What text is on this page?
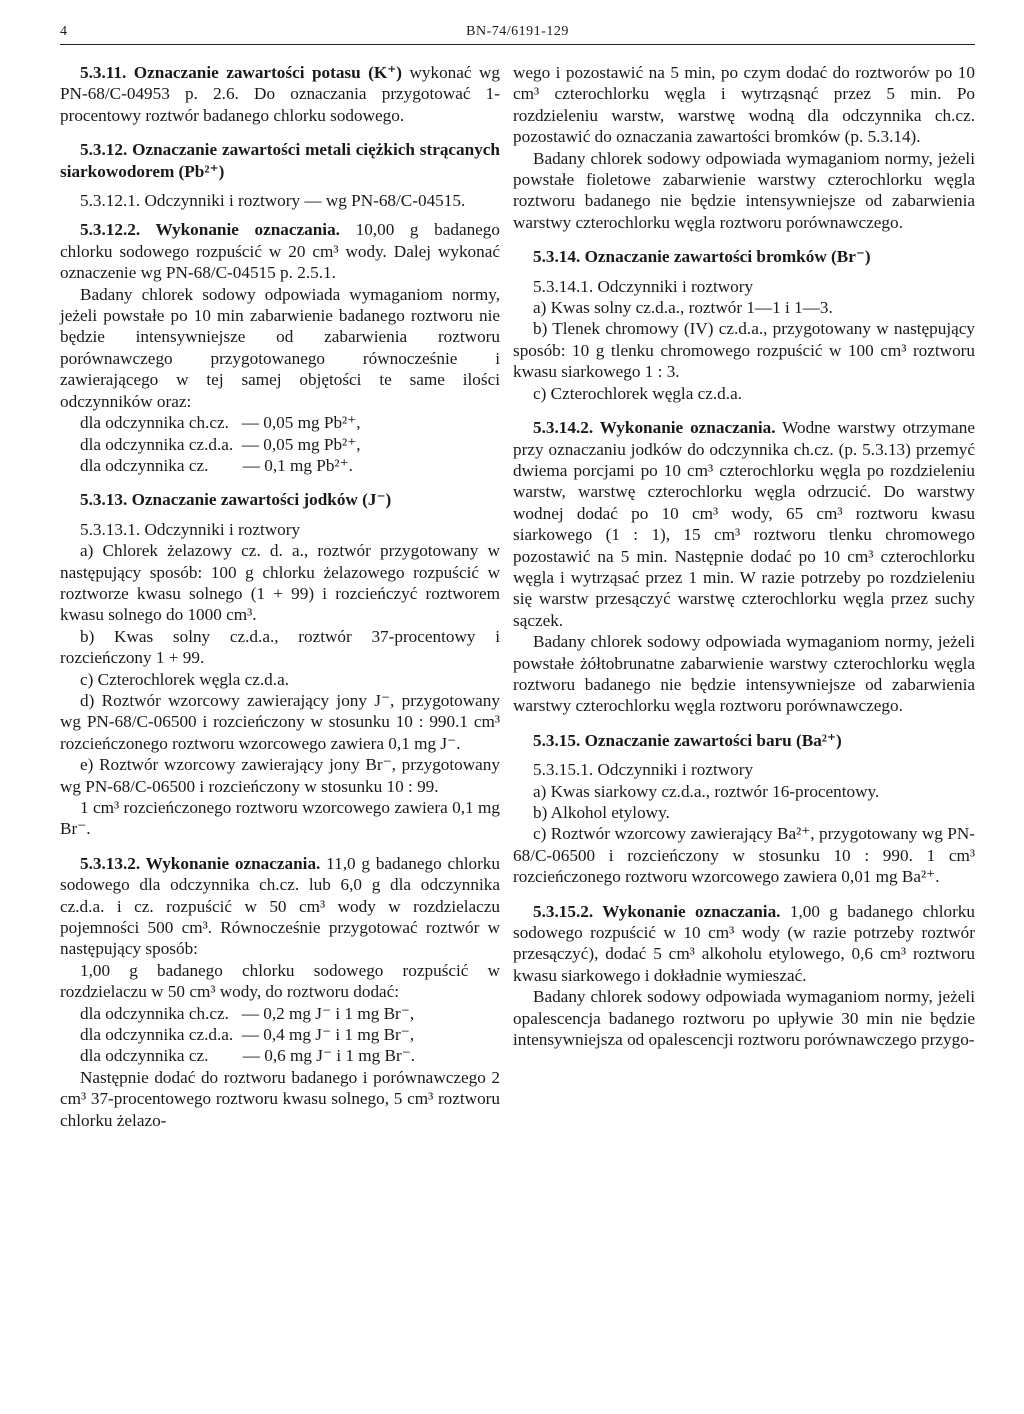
4	BN-74/6191-129

5.3.11. Oznaczanie zawartości potasu (K⁺) wykonać wg PN-68/C-04953 p. 2.6. Do oznaczania przygotować 1-procentowy roztwór badanego chlorku sodowego.

5.3.12. Oznaczanie zawartości metali ciężkich strącanych siarkowodorem (Pb²⁺)

5.3.12.1. Odczynniki i roztwory — wg PN-68/C-04515.

5.3.12.2. Wykonanie oznaczania. 10,00 g badanego chlorku sodowego rozpuścić w 20 cm³ wody. Dalej wykonać oznaczenie wg PN-68/C-04515 p. 2.5.1.

Badany chlorek sodowy odpowiada wymaganiom normy, jeżeli powstałe po 10 min zabarwienie badanego roztworu nie będzie intensywniejsze od zabarwienia roztworu porównawczego przygotowanego równocześnie i zawierającego w tej samej objętości te same ilości odczynników oraz:

dla odczynnika ch.cz.   — 0,05 mg Pb²⁺,

dla odczynnika cz.d.a.  — 0,05 mg Pb²⁺,

dla odczynnika cz.        — 0,1 mg Pb²⁺.

5.3.13. Oznaczanie zawartości jodków (J⁻)

5.3.13.1. Odczynniki i roztwory

a) Chlorek żelazowy cz. d. a., roztwór przygotowany w następujący sposób: 100 g chlorku żelazowego rozpuścić w roztworze kwasu solnego (1 + 99) i rozcieńczyć roztworem kwasu solnego do 1000 cm³.

b) Kwas solny cz.d.a., roztwór 37-procentowy i rozcieńczony 1 + 99.

c) Czterochlorek węgla cz.d.a.

d) Roztwór wzorcowy zawierający jony J⁻, przygotowany wg PN-68/C-06500 i rozcieńczony w stosunku 10 : 990.1 cm³ rozcieńczonego roztworu wzorcowego zawiera 0,1 mg J⁻.

e) Roztwór wzorcowy zawierający jony Br⁻, przygotowany wg PN-68/C-06500 i rozcieńczony w stosunku 10 : 99.

1 cm³ rozcieńczonego roztworu wzorcowego zawiera 0,1 mg Br⁻.

5.3.13.2. Wykonanie oznaczania. 11,0 g badanego chlorku sodowego dla odczynnika ch.cz. lub 6,0 g dla odczynnika cz.d.a. i cz. rozpuścić w 50 cm³ wody w rozdzielaczu pojemności 500 cm³. Równocześnie przygotować roztwór w następujący sposób:

1,00 g badanego chlorku sodowego rozpuścić w rozdzielaczu w 50 cm³ wody, do roztworu dodać:

dla odczynnika ch.cz.   — 0,2 mg J⁻ i 1 mg Br⁻,

dla odczynnika cz.d.a.  — 0,4 mg J⁻ i 1 mg Br⁻,

dla odczynnika cz.        — 0,6 mg J⁻ i 1 mg Br⁻.

Następnie dodać do roztworu badanego i porównawczego 2 cm³ 37-procentowego roztworu kwasu solnego, 5 cm³ roztworu chlorku żelazo-

wego i pozostawić na 5 min, po czym dodać do roztworów po 10 cm³ czterochlorku węgla i wytrząsnąć przez 5 min. Po rozdzieleniu warstw, warstwę wodną dla odczynnika ch.cz. pozostawić do oznaczania zawartości bromków (p. 5.3.14).

Badany chlorek sodowy odpowiada wymaganiom normy, jeżeli powstałe fioletowe zabarwienie warstwy czterochlorku węgla roztworu badanego nie będzie intensywniejsze od zabarwienia warstwy czterochlorku węgla roztworu porównawczego.

5.3.14. Oznaczanie zawartości bromków (Br⁻)

5.3.14.1. Odczynniki i roztwory

a) Kwas solny cz.d.a., roztwór 1—1 i 1—3.

b) Tlenek chromowy (IV) cz.d.a., przygotowany w następujący sposób: 10 g tlenku chromowego rozpuścić w 100 cm³ roztworu kwasu siarkowego 1 : 3.

c) Czterochlorek węgla cz.d.a.

5.3.14.2. Wykonanie oznaczania. Wodne warstwy otrzymane przy oznaczaniu jodków do odczynnika ch.cz. (p. 5.3.13) przemyć dwiema porcjami po 10 cm³ czterochlorku węgla po rozdzieleniu warstw, warstwę czterochlorku węgla odrzucić. Do warstwy wodnej dodać po 10 cm³ wody, 65 cm³ roztworu kwasu siarkowego (1 : 1), 15 cm³ roztworu tlenku chromowego pozostawić na 5 min. Następnie dodać po 10 cm³ czterochlorku węgla i wytrząsać przez 1 min. W razie potrzeby po rozdzieleniu się warstw przesączyć warstwę czterochlorku węgla przez suchy sączek.

Badany chlorek sodowy odpowiada wymaganiom normy, jeżeli powstałe żółtobrunatne zabarwienie warstwy czterochlorku węgla roztworu badanego nie będzie intensywniejsze od zabarwienia warstwy czterochlorku węgla roztworu porównawczego.

5.3.15. Oznaczanie zawartości baru (Ba²⁺)

5.3.15.1. Odczynniki i roztwory

a) Kwas siarkowy cz.d.a., roztwór 16-procentowy.

b) Alkohol etylowy.

c) Roztwór wzorcowy zawierający Ba²⁺, przygotowany wg PN-68/C-06500 i rozcieńczony w stosunku 10 : 990. 1 cm³ rozcieńczonego roztworu wzorcowego zawiera 0,01 mg Ba²⁺.

5.3.15.2. Wykonanie oznaczania. 1,00 g badanego chlorku sodowego rozpuścić w 10 cm³ wody (w razie potrzeby roztwór przesączyć), dodać 5 cm³ alkoholu etylowego, 0,6 cm³ roztworu kwasu siarkowego i dokładnie wymieszać.

Badany chlorek sodowy odpowiada wymaganiom normy, jeżeli opalescencja badanego roztworu po upływie 30 min nie będzie intensywniejsza od opalescencji roztworu porównawczego przygo-
